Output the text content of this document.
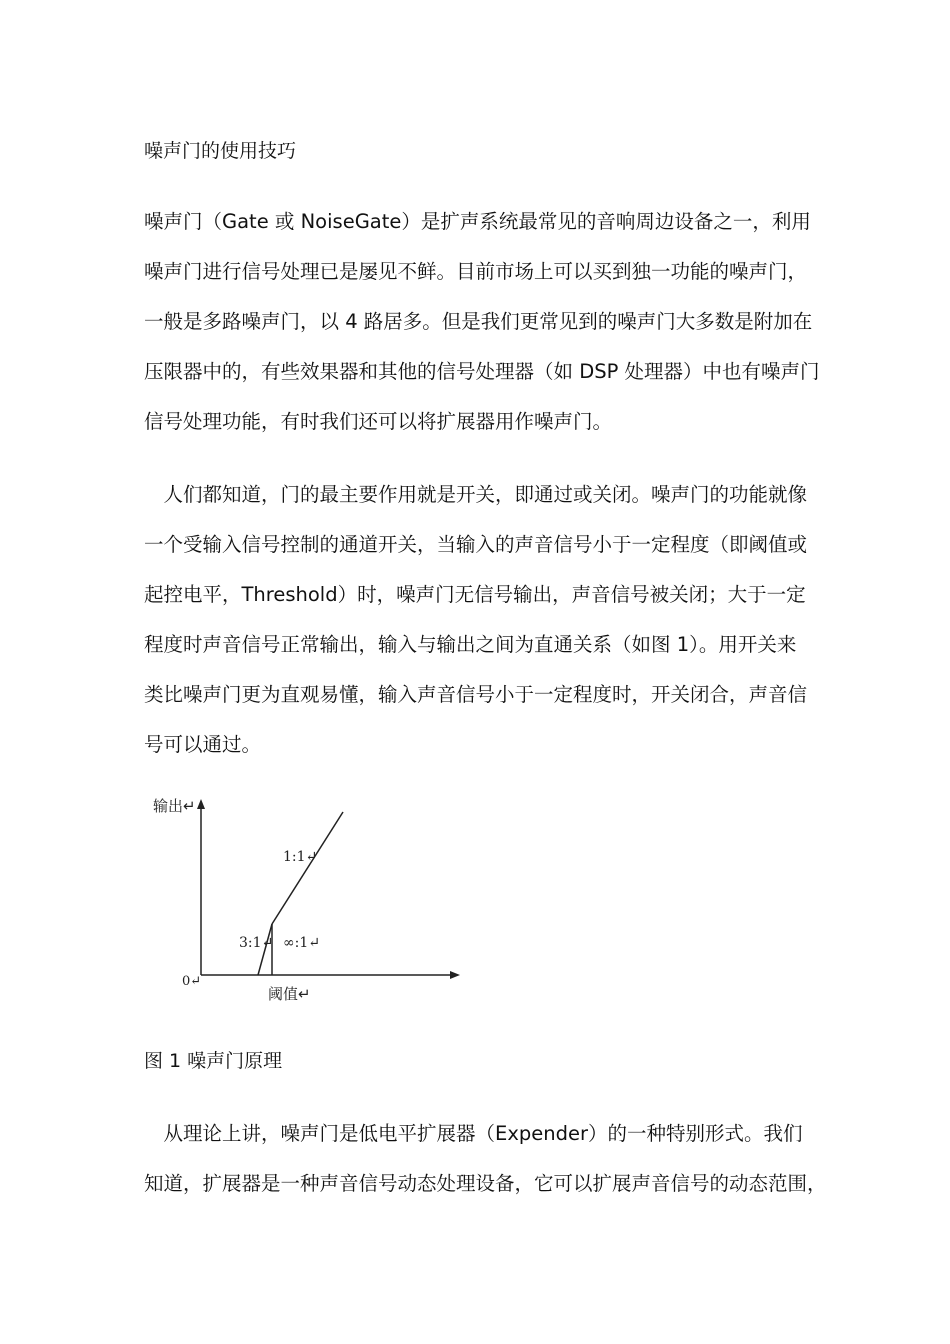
噪声门的使用技巧
噪声门（Gate 或 NoiseGate）是扩声系统最常见的音响周边设备之一，利用
噪声门进行信号处理已是屡见不鲜。目前市场上可以买到独一功能的噪声门，
一般是多路噪声门，以 4 路居多。但是我们更常见到的噪声门大多数是附加在
压限器中的，有些效果器和其他的信号处理器（如 DSP 处理器）中也有噪声门
信号处理功能，有时我们还可以将扩展器用作噪声门。
　人们都知道，门的最主要作用就是开关，即通过或关闭。噪声门的功能就像
一个受输入信号控制的通道开关，当输入的声音信号小于一定程度（即阈值或
起控电平，Threshold）时，噪声门无信号输出，声音信号被关闭；大于一定
程度时声音信号正常输出，输入与输出之间为直通关系（如图 1）。用开关来
类比噪声门更为直观易懂，输入声音信号小于一定程度时，开关闭合，声音信
号可以通过。
输出↵
0↵
阈值↵
1:1↵
3:1↵ ∞:1↵
图 1 噪声门原理
　从理论上讲，噪声门是低电平扩展器（Expender）的一种特别形式。我们
知道，扩展器是一种声音信号动态处理设备，它可以扩展声音信号的动态范围，
